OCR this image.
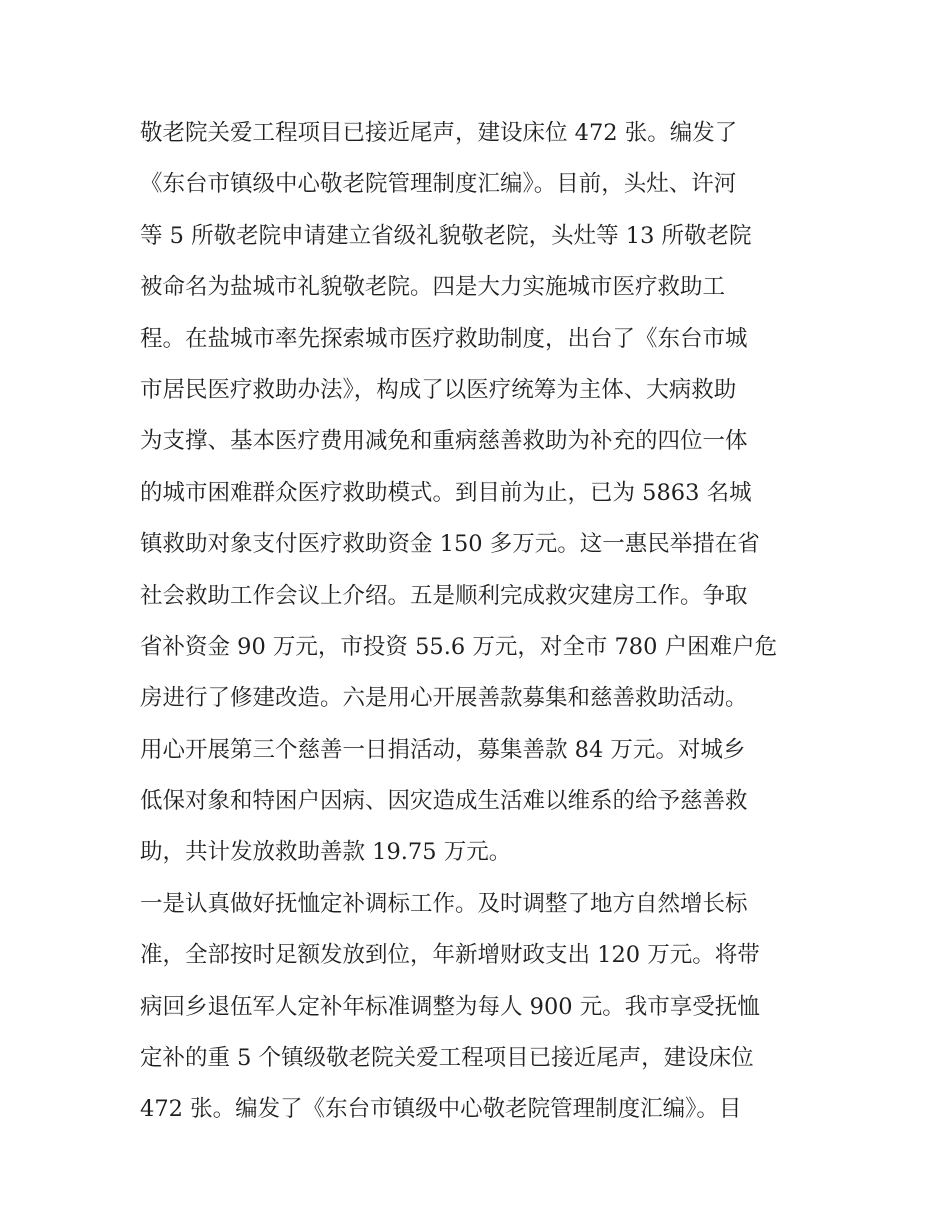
敬老院关爱工程项目已接近尾声，建设床位 472 张。编发了
《东台市镇级中心敬老院管理制度汇编》。目前，头灶、许河
等 5 所敬老院申请建立省级礼貌敬老院，头灶等 13 所敬老院
被命名为盐城市礼貌敬老院。四是大力实施城市医疗救助工
程。在盐城市率先探索城市医疗救助制度，出台了《东台市城
市居民医疗救助办法》，构成了以医疗统筹为主体、大病救助
为支撑、基本医疗费用减免和重病慈善救助为补充的四位一体
的城市困难群众医疗救助模式。到目前为止，已为 5863 名城
镇救助对象支付医疗救助资金 150 多万元。这一惠民举措在省
社会救助工作会议上介绍。五是顺利完成救灾建房工作。争取
省补资金 90 万元，市投资 55.6 万元，对全市 780 户困难户危
房进行了修建改造。六是用心开展善款募集和慈善救助活动。
用心开展第三个慈善一日捐活动，募集善款 84 万元。对城乡
低保对象和特困户因病、因灾造成生活难以维系的给予慈善救
助，共计发放救助善款 19.75 万元。
一是认真做好抚恤定补调标工作。及时调整了地方自然增长标
准，全部按时足额发放到位，年新增财政支出 120 万元。将带
病回乡退伍军人定补年标准调整为每人 900 元。我市享受抚恤
定补的重 5 个镇级敬老院关爱工程项目已接近尾声，建设床位
472 张。编发了《东台市镇级中心敬老院管理制度汇编》。目
